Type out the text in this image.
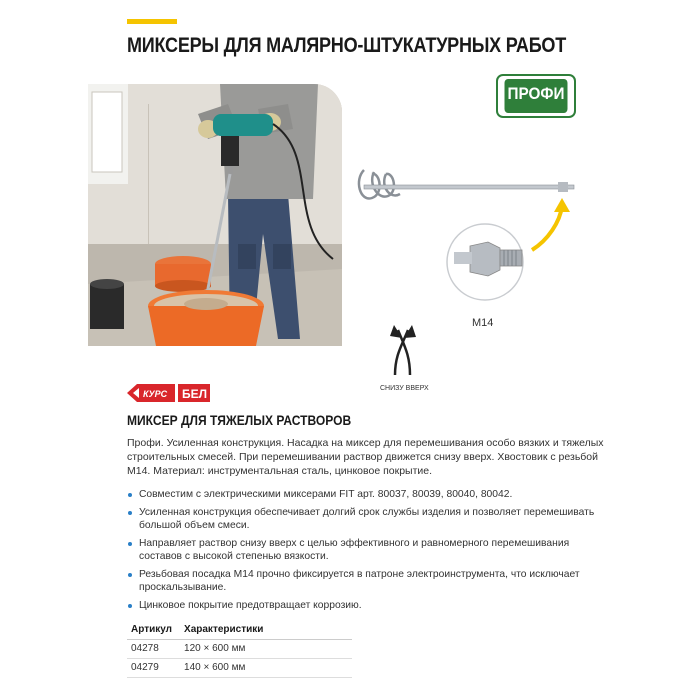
МИКСЕРЫ ДЛЯ МАЛЯРНО-ШТУКАТУРНЫХ РАБОТ
ПРОФИ
M14
СНИЗУ ВВЕРХ
КУРС БЕЛ
МИКСЕР ДЛЯ ТЯЖЕЛЫХ РАСТВОРОВ
Профи. Усиленная конструкция. Насадка на миксер для перемешивания особо вязких и тяжелых строительных смесей. При перемешивании раствор движется снизу вверх. Хвостовик с резьбой М14. Материал: инструментальная сталь, цинковое покрытие.
Совместим с электрическими миксерами FIT арт. 80037, 80039, 80040, 80042.
Усиленная конструкция обеспечивает долгий срок службы изделия и позволяет перемешивать большой объем смеси.
Направляет раствор снизу вверх с целью эффективного и равномерного перемешивания составов с высокой степенью вязкости.
Резьбовая посадка М14 прочно фиксируется в патроне электроинструмента, что исключает проскальзывание.
Цинковое покрытие предотвращает коррозию.
Артикул	Характеристики
04278	120 × 600 мм
04279	140 × 600 мм
